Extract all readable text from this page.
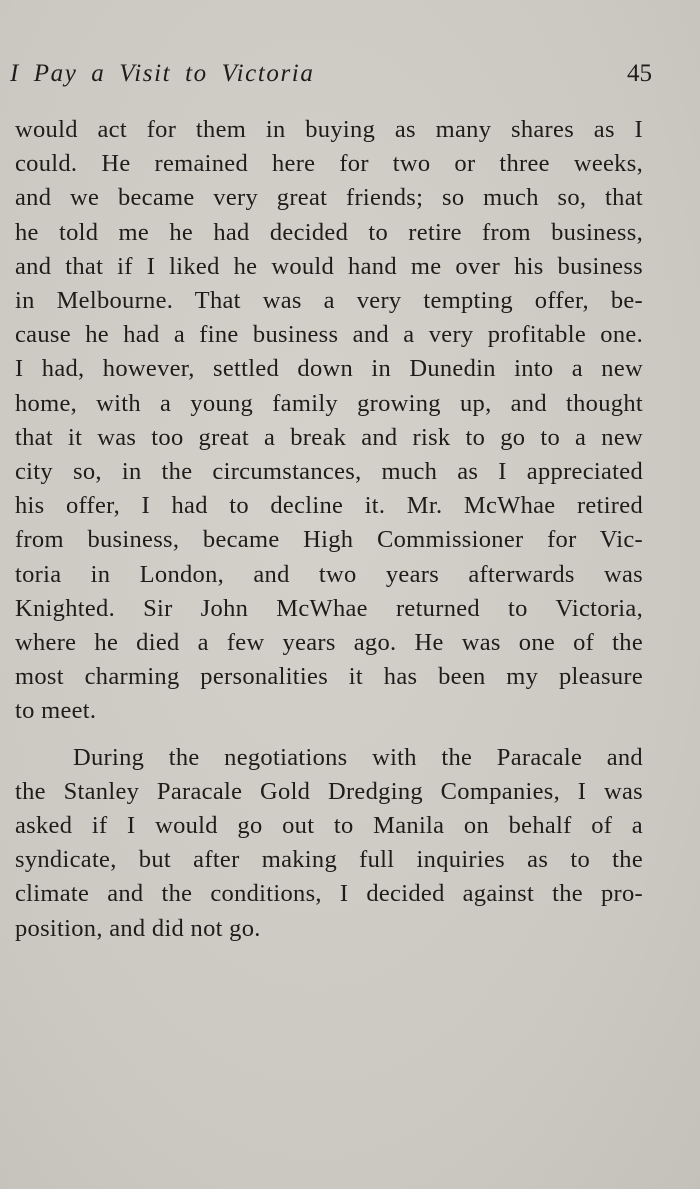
I Pay a Visit to Victoria	45
would act for them in buying as many shares as I
could. He remained here for two or three weeks,
and we became very great friends; so much so, that
he told me he had decided to retire from business,
and that if I liked he would hand me over his business
in Melbourne. That was a very tempting offer, be-
cause he had a fine business and a very profitable one.
I had, however, settled down in Dunedin into a new
home, with a young family growing up, and thought
that it was too great a break and risk to go to a new
city so, in the circumstances, much as I appreciated
his offer, I had to decline it. Mr. McWhae retired
from business, became High Commissioner for Vic-
toria in London, and two years afterwards was
Knighted. Sir John McWhae returned to Victoria,
where he died a few years ago. He was one of the
most charming personalities it has been my pleasure
to meet.
During the negotiations with the Paracale and
the Stanley Paracale Gold Dredging Companies, I was
asked if I would go out to Manila on behalf of a
syndicate, but after making full inquiries as to the
climate and the conditions, I decided against the pro-
position, and did not go.
